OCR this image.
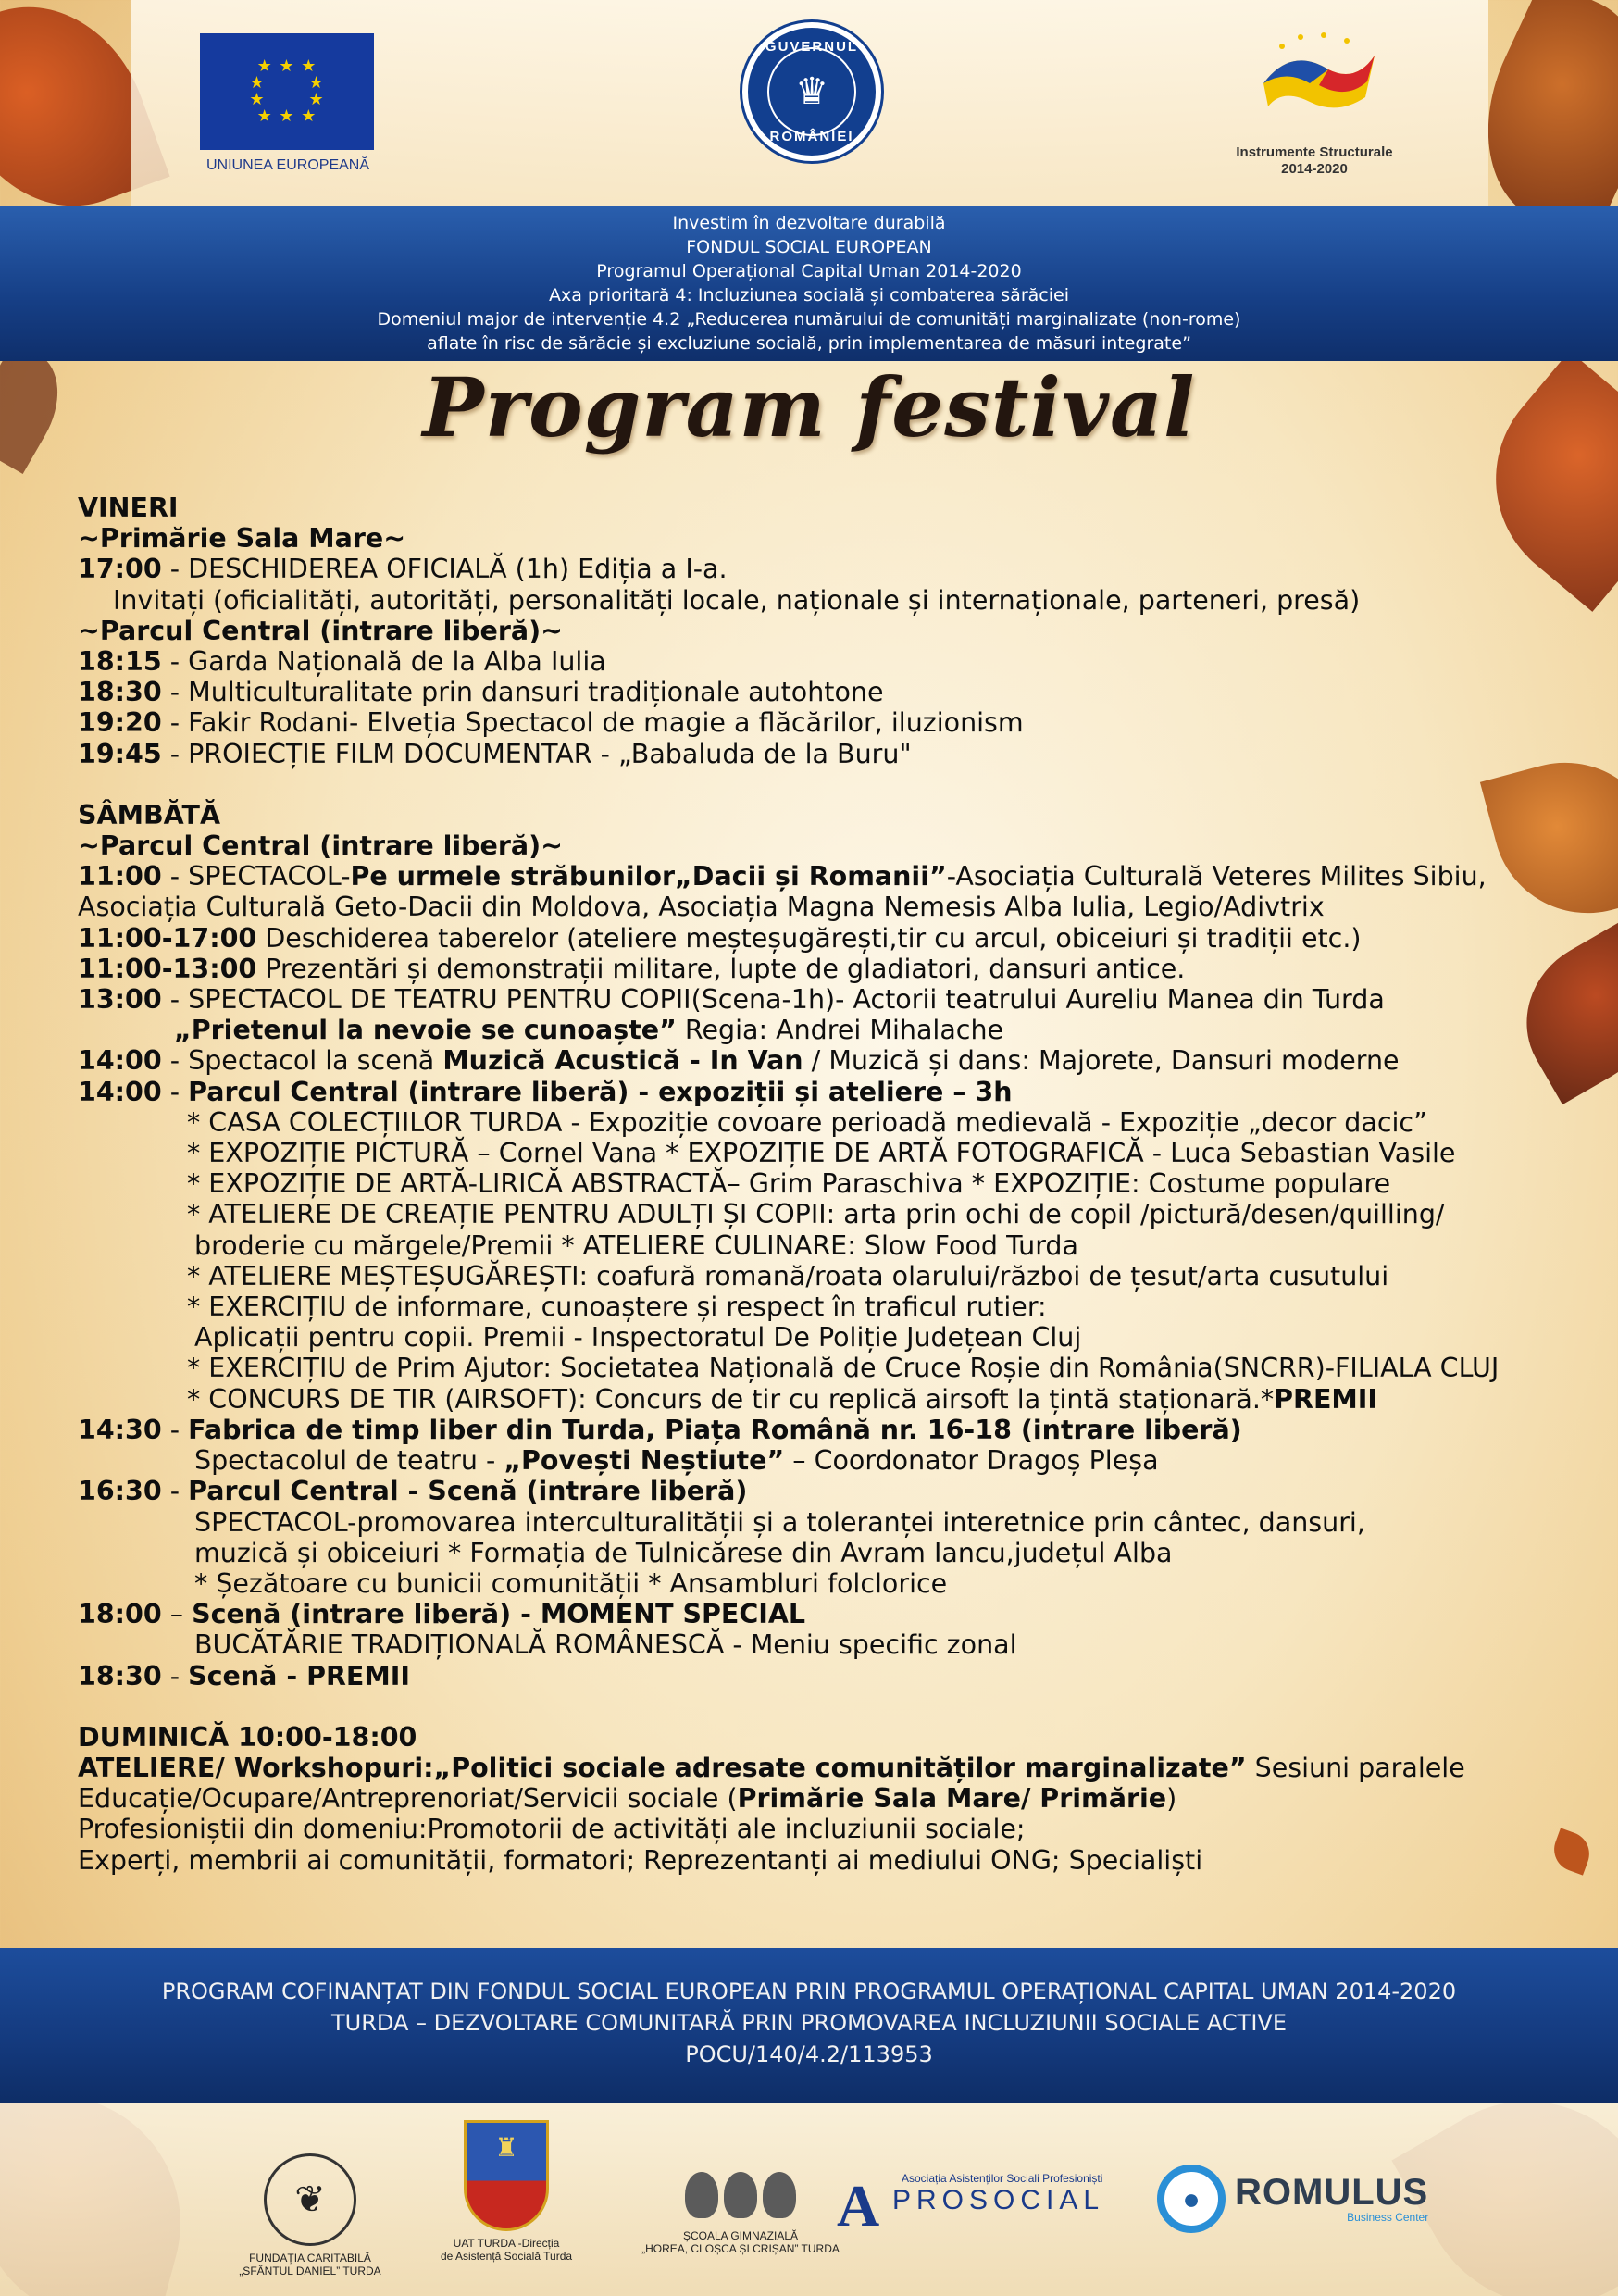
★ ★ ★
★       ★
★       ★
★ ★ ★
UNIUNEA EUROPEANĂ
GUVERNUL
♛
ROMÂNIEI
Instrumente Structurale
2014-2020
Investim în dezvoltare durabilă
FONDUL SOCIAL EUROPEAN
Programul Operațional Capital Uman 2014-2020
Axa prioritară 4: Incluziunea socială și combaterea sărăciei
Domeniul major de intervenție 4.2 „Reducerea numărului de comunități marginalizate (non-rome)
aflate în risc de sărăcie și excluziune socială, prin implementarea de măsuri integrate”
Program festival
VINERI
~Primărie Sala Mare~
17:00 - DESCHIDEREA OFICIALĂ (1h) Ediția a I-a.
Invitați (oficialități, autorități, personalități locale, naționale și internaționale, parteneri, presă)
~Parcul Central (intrare liberă)~
18:15 - Garda Națională de la Alba Iulia
18:30 - Multiculturalitate prin dansuri tradiționale autohtone
19:20 - Fakir Rodani- Elveția Spectacol de magie a flăcărilor, iluzionism
19:45 - PROIECȚIE FILM DOCUMENTAR - „Babaluda de la Buru"
SÂMBĂTĂ
~Parcul Central (intrare liberă)~
11:00 - SPECTACOL-Pe urmele străbunilor„Dacii și Romanii”-Asociația Culturală Veteres Milites Sibiu,
Asociația Culturală Geto-Dacii din Moldova, Asociația Magna Nemesis Alba Iulia, Legio/Adivtrix
11:00-17:00 Deschiderea taberelor (ateliere meșteșugărești,tir cu arcul, obiceiuri și tradiții etc.)
11:00-13:00 Prezentări și demonstrații militare, lupte de gladiatori, dansuri antice.
13:00 - SPECTACOL DE TEATRU PENTRU COPII(Scena-1h)- Actorii teatrului Aureliu Manea din Turda
„Prietenul la nevoie se cunoaște” Regia: Andrei Mihalache
14:00 - Spectacol la scenă Muzică Acustică - In Van / Muzică și dans: Majorete, Dansuri moderne
14:00 - Parcul Central (intrare liberă) - expoziții și ateliere – 3h
* CASA COLECȚIILOR TURDA - Expoziție covoare perioadă medievală - Expoziție „decor dacic”
* EXPOZIȚIE PICTURĂ – Cornel Vana * EXPOZIȚIE DE ARTĂ FOTOGRAFICĂ - Luca Sebastian Vasile
* EXPOZIȚIE DE ARTĂ-LIRICĂ ABSTRACTĂ– Grim Paraschiva * EXPOZIȚIE: Costume populare
* ATELIERE DE CREAȚIE PENTRU ADULȚI ȘI COPII: arta prin ochi de copil /pictură/desen/quilling/
broderie cu mărgele/Premii * ATELIERE CULINARE: Slow Food Turda
* ATELIERE MEȘTEȘUGĂREȘTI: coafură romană/roata olarului/război de țesut/arta cusutului
* EXERCIȚIU de informare, cunoaștere și respect în traficul rutier:
Aplicații pentru copii. Premii - Inspectoratul De Poliție Județean Cluj
* EXERCIȚIU de Prim Ajutor: Societatea Națională de Cruce Roșie din România(SNCRR)-FILIALA CLUJ
* CONCURS DE TIR (AIRSOFT): Concurs de tir cu replică airsoft la țintă staționară.*PREMII
14:30 - Fabrica de timp liber din Turda, Piața Română nr. 16-18 (intrare liberă)
Spectacolul de teatru - „Povești Neștiute” – Coordonator Dragoș Pleșa
16:30 - Parcul Central - Scenă (intrare liberă)
SPECTACOL-promovarea interculturalității și a toleranței interetnice prin cântec, dansuri,
muzică și obiceiuri * Formația de Tulnicărese din Avram Iancu,județul Alba
* Șezătoare cu bunicii comunității * Ansambluri folclorice
18:00 – Scenă (intrare liberă) - MOMENT SPECIAL
BUCĂTĂRIE TRADIȚIONALĂ ROMÂNESCĂ - Meniu specific zonal
18:30 - Scenă - PREMII
DUMINICĂ 10:00-18:00
ATELIERE/ Workshopuri:„Politici sociale adresate comunităților marginalizate” Sesiuni paralele
Educație/Ocupare/Antreprenoriat/Servicii sociale (Primărie Sala Mare/ Primărie)
Profesioniștii din domeniu:Promotorii de activități ale incluziunii sociale;
Experți, membrii ai comunității, formatori; Reprezentanți ai mediului ONG; Specialiști
PROGRAM COFINANȚAT DIN FONDUL SOCIAL EUROPEAN PRIN PROGRAMUL OPERAȚIONAL CAPITAL UMAN 2014-2020
TURDA – DEZVOLTARE COMUNITARĂ PRIN PROMOVAREA INCLUZIUNII SOCIALE ACTIVE
POCU/140/4.2/113953
❦
FUNDAȚIA CARITABILĂ
„SFÂNTUL DANIEL” TURDA
♜
UAT TURDA -Direcția
de Asistență Socială Turda
ȘCOALA GIMNAZIALĂ
„HOREA, CLOȘCA ȘI CRIȘAN” TURDA
A	Asociația Asistenților Sociali Profesioniști
PROSOCIAL	● ROMULUS
Business Center
